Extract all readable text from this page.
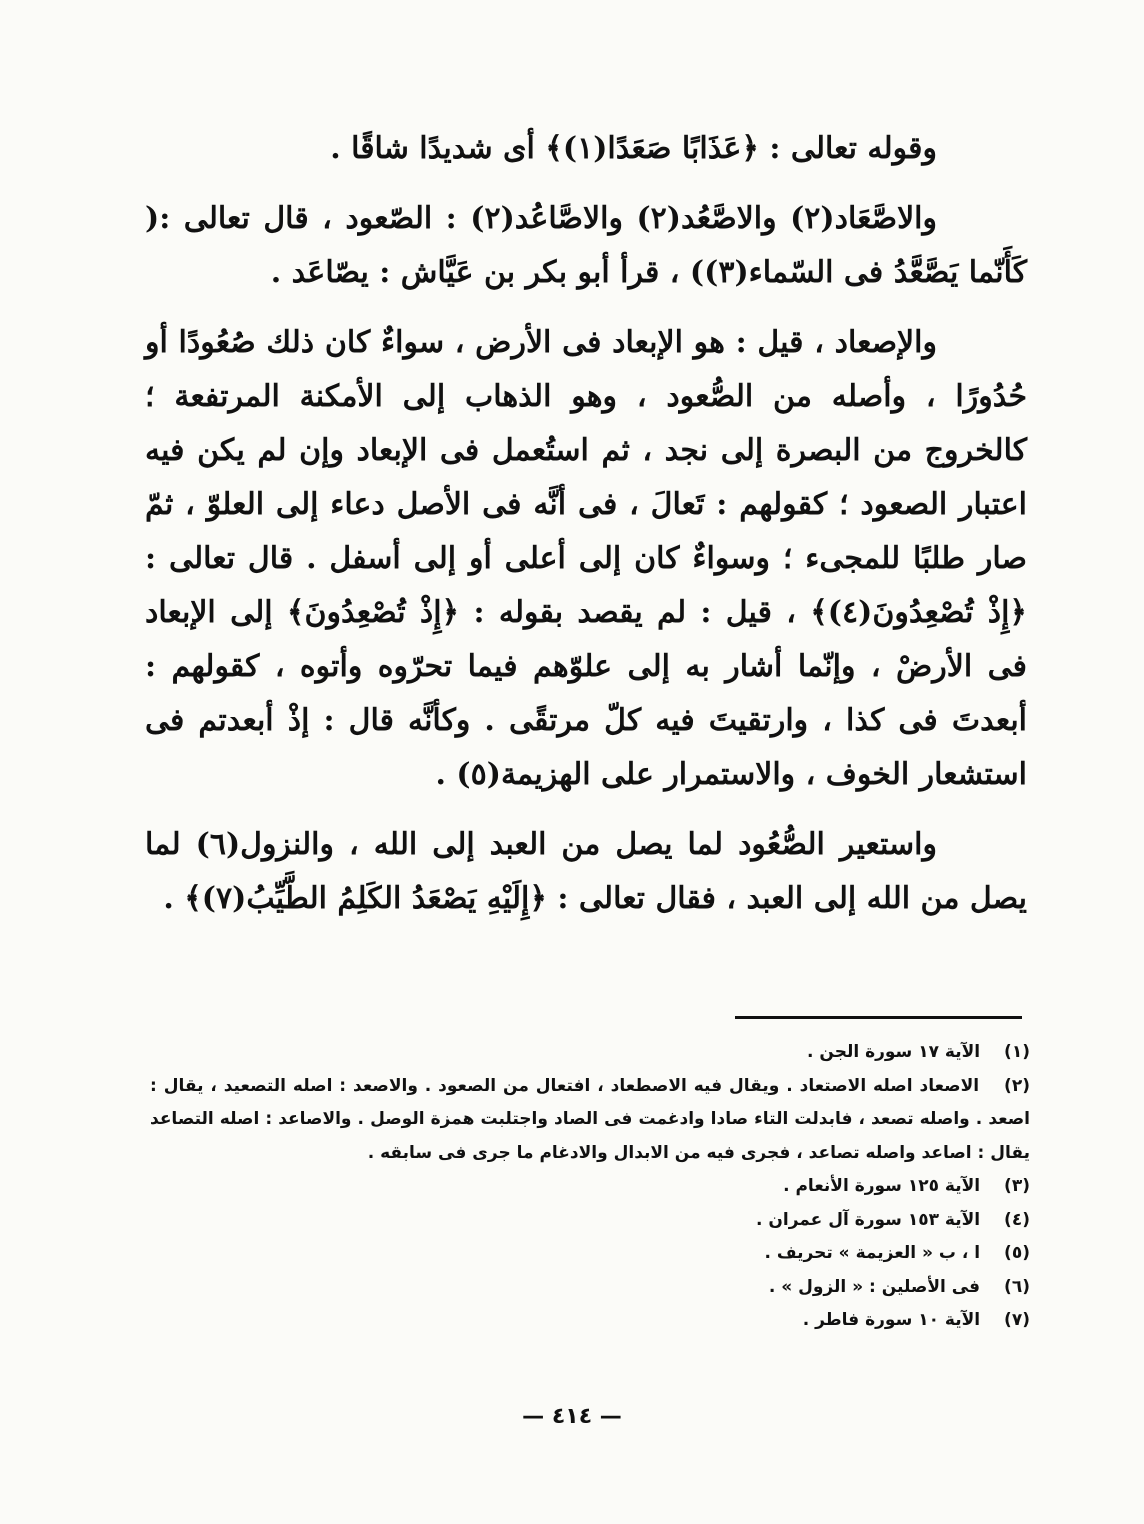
وقوله تعالى : ﴿عَذَابًا صَعَدًا(١)﴾ أى شديدًا شاقًا .

والاصَّعَاد(٢) والاصَّعُد(٢) والاصَّاعُد(٢) : الصّعود ، قال تعالى :( كَأَنّما يَصَّعَّدُ فى السّماء(٣)) ، قرأ أبو بكر بن عَيَّاش : يصّاعَد .

والإصعاد ، قيل : هو الإبعاد فى الأرض ، سواءٌ كان ذلك صُعُودًا أو حُدُورًا ، وأصله من الصُّعود ، وهو الذهاب إلى الأمكنة المرتفعة ؛ كالخروج من البصرة إلى نجد ، ثم استُعمل فى الإبعاد وإن لم يكن فيه اعتبار الصعود ؛ كقولهم : تَعالَ ، فى أنَّه فى الأصل دعاء إلى العلوّ ، ثمّ صار طلبًا للمجىء ؛ وسواءٌ كان إلى أعلى أو إلى أسفل . قال تعالى : ﴿إِذْ تُصْعِدُونَ(٤)﴾ ، قيل : لم يقصد بقوله : ﴿إِذْ تُصْعِدُونَ﴾ إلى الإبعاد فى الأرضْ ، وإنّما أشار به إلى علوّهم فيما تحرّوه وأتوه ، كقولهم : أبعدتَ فى كذا ، وارتقيتَ فيه كلّ مرتقًى . وكأنَّه قال : إذْ أبعدتم فى استشعار الخوف ، والاستمرار على الهزيمة(٥) .

واستعير الصُّعُود لما يصل من العبد إلى الله ، والنزول(٦) لما يصل من الله إلى العبد ، فقال تعالى : ﴿إِلَيْهِ يَصْعَدُ الكَلِمُ الطَّيِّبُ(٧)﴾ .

(١) الآية ١٧ سورة الجن .

(٢) الاصعاد اصله الاصتعاد . ويقال فيه الاصطعاد ، افتعال من الصعود . والاصعد : اصله التصعيد ، يقال : اصعد . واصله تصعد ، فابدلت التاء صادا وادغمت فى الصاد واجتلبت همزة الوصل . والاصاعد : اصله التصاعد يقال : اصاعد واصله تصاعد ، فجرى فيه من الابدال والادغام ما جرى فى سابقه .

(٣) الآية ١٢٥ سورة الأنعام .

(٤) الآية ١٥٣ سورة آل عمران .

(٥) ا ، ب « العزيمة » تحريف .

(٦) فى الأصلين : « الزول » .

(٧) الآية ١٠ سورة فاطر .

— ٤١٤ —
